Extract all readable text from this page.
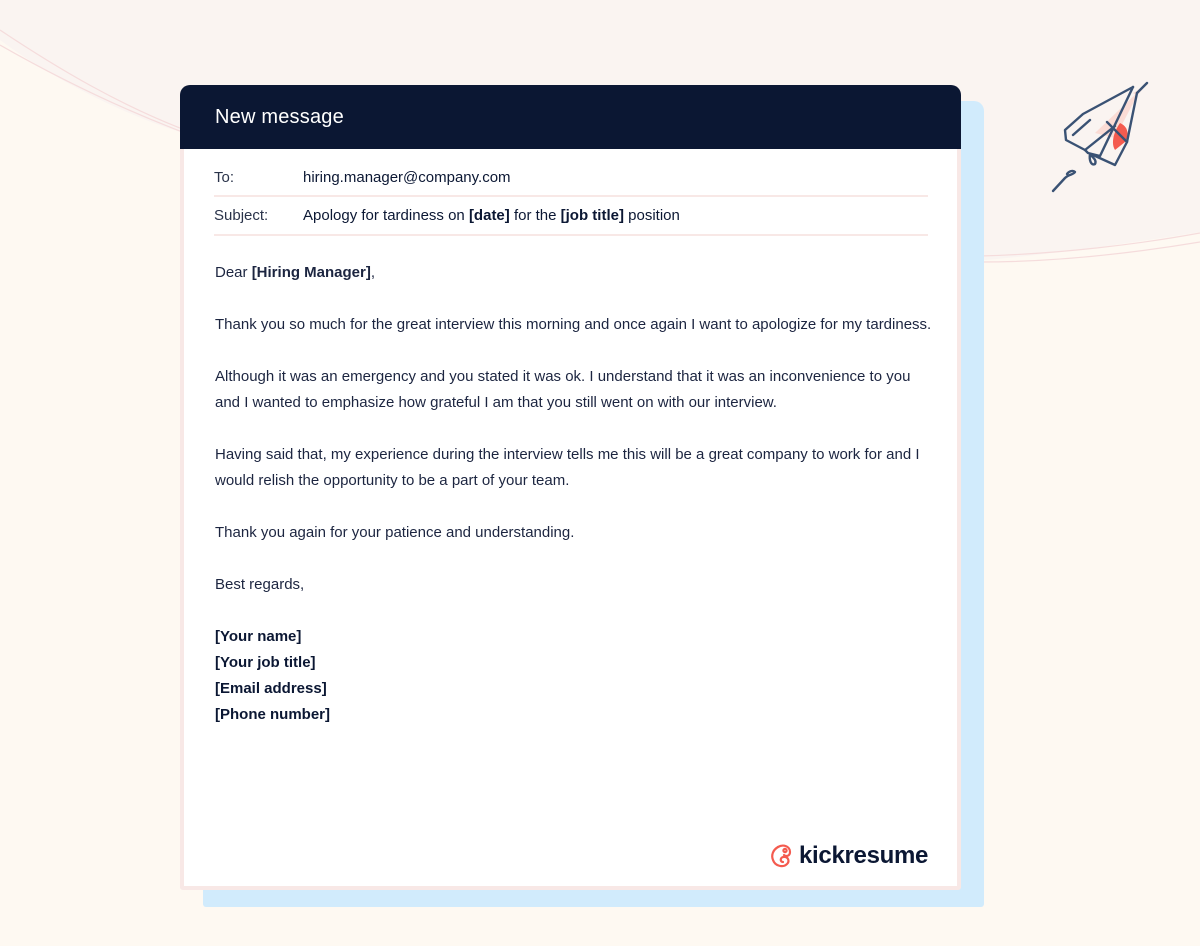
New message
To:	hiring.manager@company.com
Subject:	Apology for tardiness on [date] for the [job title] position

Dear [Hiring Manager],

Thank you so much for the great interview this morning and once again I want to apologize for my tardiness.

Although it was an emergency and you stated it was ok. I understand that it was an inconvenience to you and I wanted to emphasize how grateful I am that you still went on with our interview.

Having said that, my experience during the interview tells me this will be a great company to work for and I would relish the opportunity to be a part of your team.

Thank you again for your patience and understanding.

Best regards,

[Your name]
[Your job title]
[Email address]
[Phone number]
kickresume
